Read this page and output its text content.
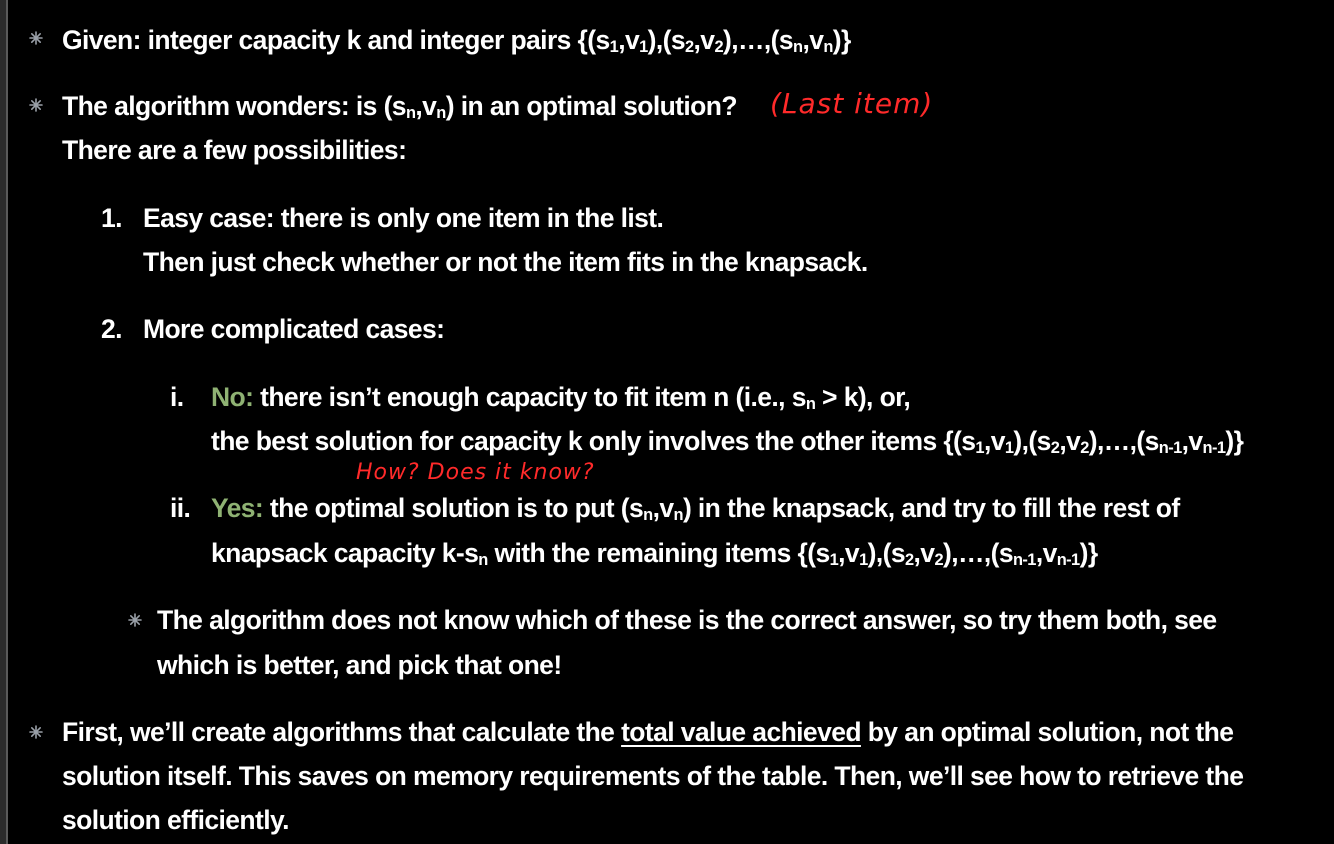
Given: integer capacity k and integer pairs $\{(s_1,v_1),(s_2,v_2),\dots,(s_n,v_n)\}$
The algorithm wonders: is $(s_n,v_n)$ in an optimal solution? (Last item)
There are a few possibilities:
1. Easy case: there is only one item in the list.
Then just check whether or not the item fits in the knapsack.
2. More complicated cases:
i. No: there isn’t enough capacity to fit item n (i.e., $s_n > k$), or,
the best solution for capacity k only involves the other items $\{(s_1,v_1),(s_2,v_2),\dots,(s_{n-1},v_{n-1})\}$
How? Does it know?
ii. Yes: the optimal solution is to put $(s_n,v_n)$ in the knapsack, and try to fill the rest of
knapsack capacity $k-s_n$ with the remaining items $\{(s_1,v_1),(s_2,v_2),\dots,(s_{n-1},v_{n-1})\}$
The algorithm does not know which of these is the correct answer, so try them both, see
which is better, and pick that one!
First, we’ll create algorithms that calculate the total value achieved by an optimal solution, not the
solution itself. This saves on memory requirements of the table. Then, we’ll see how to retrieve the
solution efficiently.
